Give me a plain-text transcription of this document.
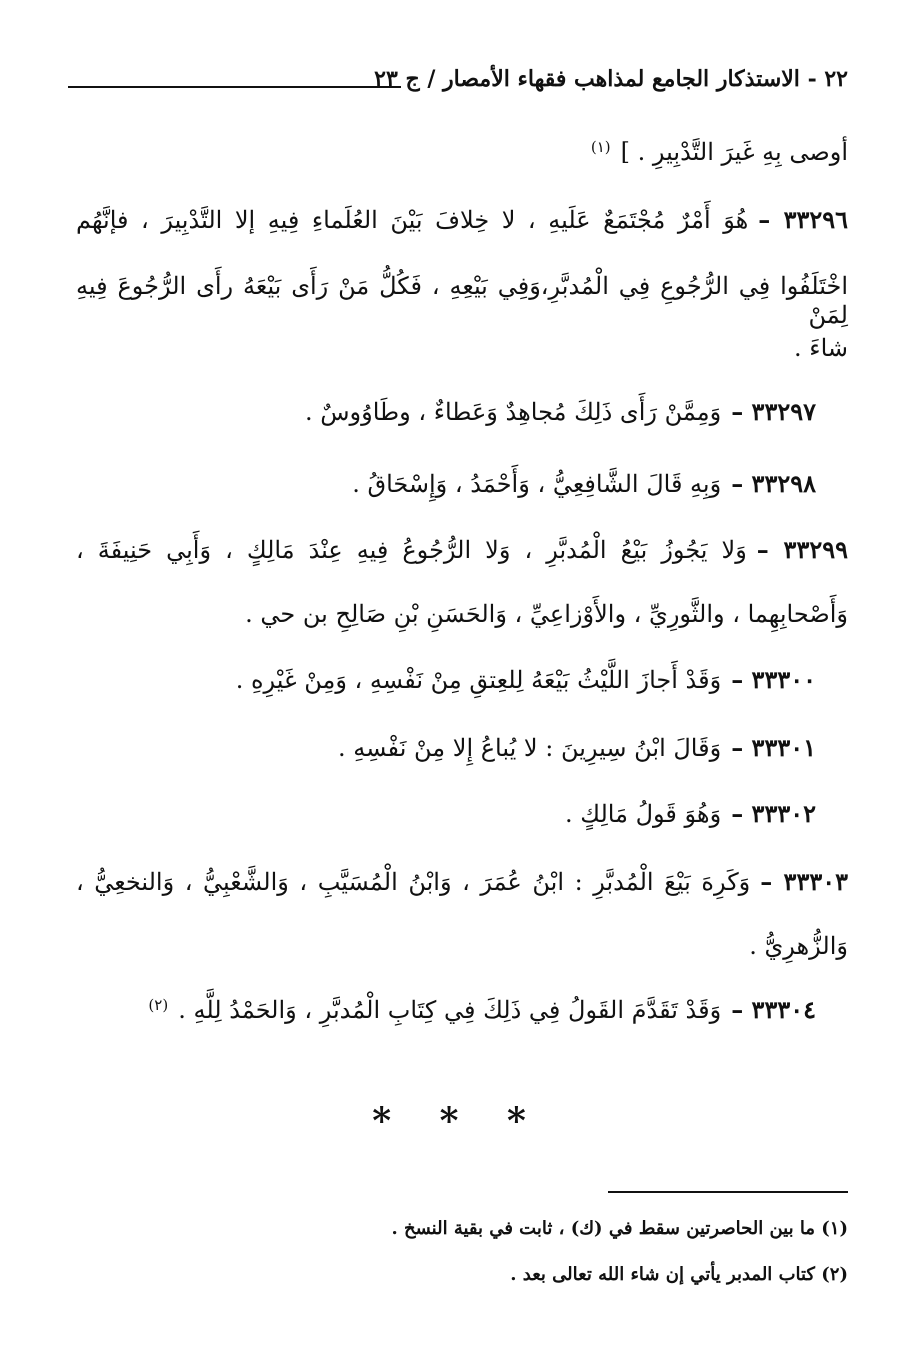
٢٢ - الاستذكار الجامع لمذاهب فقهاء الأمصار / ج ٢٣
أوصى بِهِ غَيرَ التَّدْبِيرِ . ]$^{(١)}$
٣٣٢٩٦ –هُوَ أَمْرٌ مُجْتَمَعٌ عَلَيهِ ، لا خِلافَ بَيْنَ العُلَماءِ فِيهِ إلا التَّدْبِيرَ ، فإنَّهُم
اخْتَلَفُوا فِي الرُّجُوعِ فِي الْمُدبَّرِ،وَفِي بَيْعِهِ ، فَكُلُّ مَنْ رَأَى بَيْعَهُ رأَى الرُّجُوعَ فِيهِ لِمَنْ
شاءَ .
٣٣٢٩٧ –وَمِمَّنْ رَأَى ذَلِكَ مُجاهِدٌ وَعَطاءٌ ، وطَاوُوسٌ .
٣٣٢٩٨ –وَبِهِ قَالَ الشَّافِعِيُّ ، وَأَحْمَدُ ، وَإِسْحَاقُ .
٣٣٢٩٩ –وَلا يَجُوزُ بَيْعُ الْمُدبَّرِ ، وَلا الرُّجُوعُ فِيهِ عِنْدَ مَالِكٍ ، وَأَبِي حَنِيفَةَ ،
وَأَصْحابِهِما ، والثَّورِيِّ ، والأَوْزاعِيِّ ، وَالحَسَنِ بْنِ صَالِحِ بن حي .
٣٣٣٠٠ –وَقَدْ أَجازَ اللَّيْثُ بَيْعَهُ لِلعِتقِ مِنْ نَفْسِهِ ، وَمِنْ غَيْرِهِ .
٣٣٣٠١ –وَقَالَ ابْنُ سِيرِينَ : لا يُباعُ إِلا مِنْ نَفْسِهِ .
٣٣٣٠٢ –وَهُوَ قَولُ مَالِكٍ .
٣٣٣٠٣ –وَكَرِهَ بَيْعَ الْمُدبَّرِ : ابْنُ عُمَرَ ، وَابْنُ الْمُسَيَّبِ ، وَالشَّعْبِيُّ ، وَالنخعِيُّ ،
وَالزُّهرِيُّ .
٣٣٣٠٤ –وَقَدْ تَقَدَّمَ القَولُ فِي ذَلِكَ فِي كِتَابِ الْمُدبَّرِ ، وَالحَمْدُ لِلَّهِ .$^{(٢)}$
* * *
(١) ما بين الحاصرتين سقط في (ك) ، ثابت في بقية النسخ .
(٢) كتاب المدبر يأتي إن شاء الله تعالى بعد .
